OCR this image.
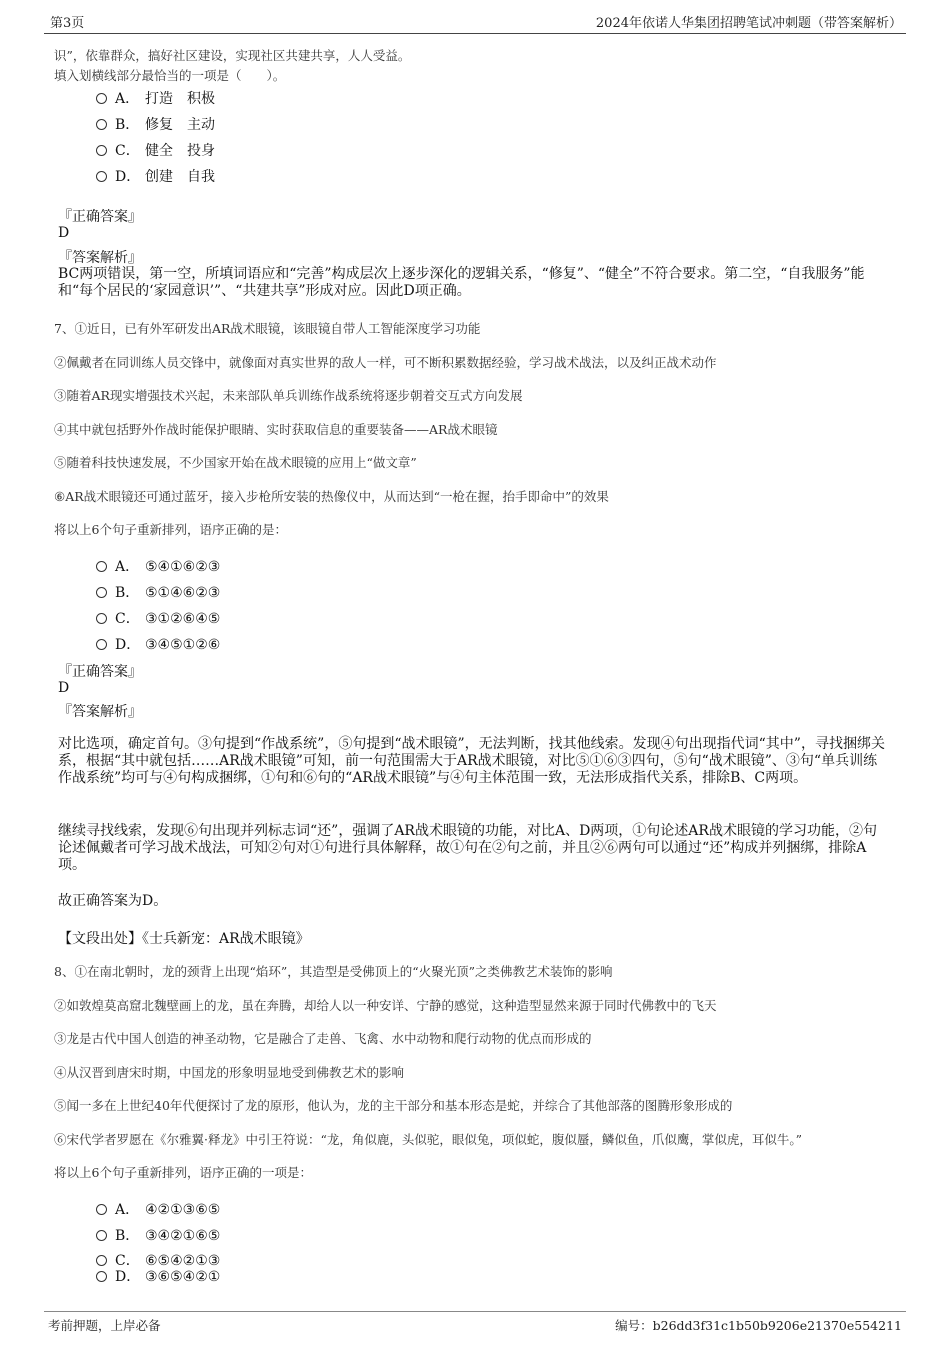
第3页	2024年依诺人华集团招聘笔试冲刺题（带答案解析）
识”，依靠群众，搞好社区建设，实现社区共建共享，人人受益。
填入划横线部分最恰当的一项是（　　）。
A． 打造　积极
B． 修复　主动
C． 健全　投身
D． 创建　自我
『正确答案』
D
『答案解析』
BC两项错误，第一空，所填词语应和“完善”构成层次上逐步深化的逻辑关系，“修复”、“健全”不符合要求。第二空，“自我服务”能和“每个居民的‘家园意识’”、“共建共享”形成对应。因此D项正确。
7、①近日，已有外军研发出AR战术眼镜，该眼镜自带人工智能深度学习功能
②佩戴者在同训练人员交锋中，就像面对真实世界的敌人一样，可不断积累数据经验，学习战术战法，以及纠正战术动作
③随着AR现实增强技术兴起，未来部队单兵训练作战系统将逐步朝着交互式方向发展
④其中就包括野外作战时能保护眼睛、实时获取信息的重要装备——AR战术眼镜
⑤随着科技快速发展，不少国家开始在战术眼镜的应用上“做文章”
⑥AR战术眼镜还可通过蓝牙，接入步枪所安装的热像仪中，从而达到“一枪在握，抬手即命中”的效果
将以上6个句子重新排列，语序正确的是：
A． ⑤④①⑥②③
B． ⑤①④⑥②③
C． ③①②⑥④⑤
D． ③④⑤①②⑥
『正确答案』
D
『答案解析』
对比选项，确定首句。③句提到“作战系统”，⑤句提到“战术眼镜”，无法判断，找其他线索。发现④句出现指代词“其中”，寻找捆绑关系，根据“其中就包括……AR战术眼镜”可知，前一句范围需大于AR战术眼镜，对比⑤①⑥③四句，⑤句“战术眼镜”、③句“单兵训练作战系统”均可与④句构成捆绑，①句和⑥句的“AR战术眼镜”与④句主体范围一致，无法形成指代关系，排除B、C两项。
继续寻找线索，发现⑥句出现并列标志词“还”，强调了AR战术眼镜的功能，对比A、D两项，①句论述AR战术眼镜的学习功能，②句论述佩戴者可学习战术战法，可知②句对①句进行具体解释，故①句在②句之前，并且②⑥两句可以通过“还”构成并列捆绑，排除A项。
故正确答案为D。
【文段出处】《士兵新宠：AR战术眼镜》
8、①在南北朝时，龙的颈背上出现“焰环”，其造型是受佛顶上的“火聚光顶”之类佛教艺术装饰的影响
②如敦煌莫高窟北魏壁画上的龙，虽在奔腾，却给人以一种安详、宁静的感觉，这种造型显然来源于同时代佛教中的飞天
③龙是古代中国人创造的神圣动物，它是融合了走兽、飞禽、水中动物和爬行动物的优点而形成的
④从汉晋到唐宋时期，中国龙的形象明显地受到佛教艺术的影响
⑤闻一多在上世纪40年代便探讨了龙的原形，他认为，龙的主干部分和基本形态是蛇，并综合了其他部落的图腾形象形成的
⑥宋代学者罗愿在《尔雅翼·释龙》中引王符说：“龙，角似鹿，头似驼，眼似兔，项似蛇，腹似蜃，鳞似鱼，爪似鹰，掌似虎，耳似牛。”
将以上6个句子重新排列，语序正确的一项是：
A． ④②①③⑥⑤
B． ③④②①⑥⑤
C． ⑥⑤④②①③
D． ③⑥⑤④②①
考前押题，上岸必备	编号：b26dd3f31c1b50b9206e21370e554211
